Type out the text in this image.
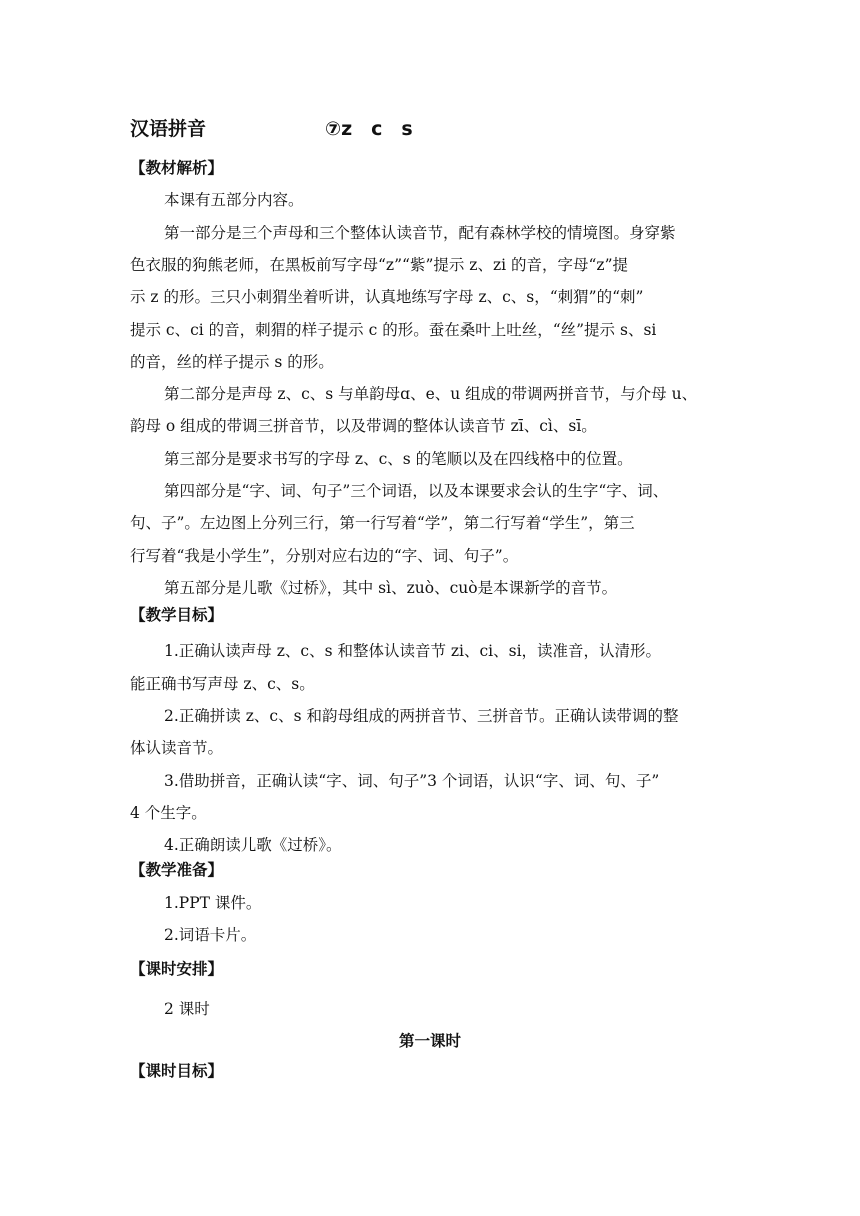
汉语拼音	⑦z　c　s
【教材解析】
本课有五部分内容。
第一部分是三个声母和三个整体认读音节，配有森林学校的情境图。身穿紫
色衣服的狗熊老师，在黑板前写字母“z”“紫”提示 z、zi 的音，字母“z”提
示 z 的形。三只小刺猬坐着听讲，认真地练写字母 z、c、s，“刺猬”的“刺”
提示 c、ci 的音，刺猬的样子提示 c 的形。蚕在桑叶上吐丝，“丝”提示 s、si
的音，丝的样子提示 s 的形。
第二部分是声母 z、c、s 与单韵母ɑ、e、u 组成的带调两拼音节，与介母 u、
韵母 o 组成的带调三拼音节，以及带调的整体认读音节 zī、cì、sī。
第三部分是要求书写的字母 z、c、s 的笔顺以及在四线格中的位置。
第四部分是“字、词、句子”三个词语，以及本课要求会认的生字“字、词、
句、子”。左边图上分列三行，第一行写着“学”，第二行写着“学生”，第三
行写着“我是小学生”，分别对应右边的“字、词、句子”。
第五部分是儿歌《过桥》，其中 sì、zuò、cuò是本课新学的音节。
【教学目标】
1.正确认读声母 z、c、s 和整体认读音节 zi、ci、si，读准音，认清形。
能正确书写声母 z、c、s。
2.正确拼读 z、c、s 和韵母组成的两拼音节、三拼音节。正确认读带调的整
体认读音节。
3.借助拼音，正确认读“字、词、句子”3 个词语，认识“字、词、句、子”
4 个生字。
4.正确朗读儿歌《过桥》。
【教学准备】
1.PPT 课件。
2.词语卡片。
【课时安排】
2 课时
第一课时
【课时目标】
